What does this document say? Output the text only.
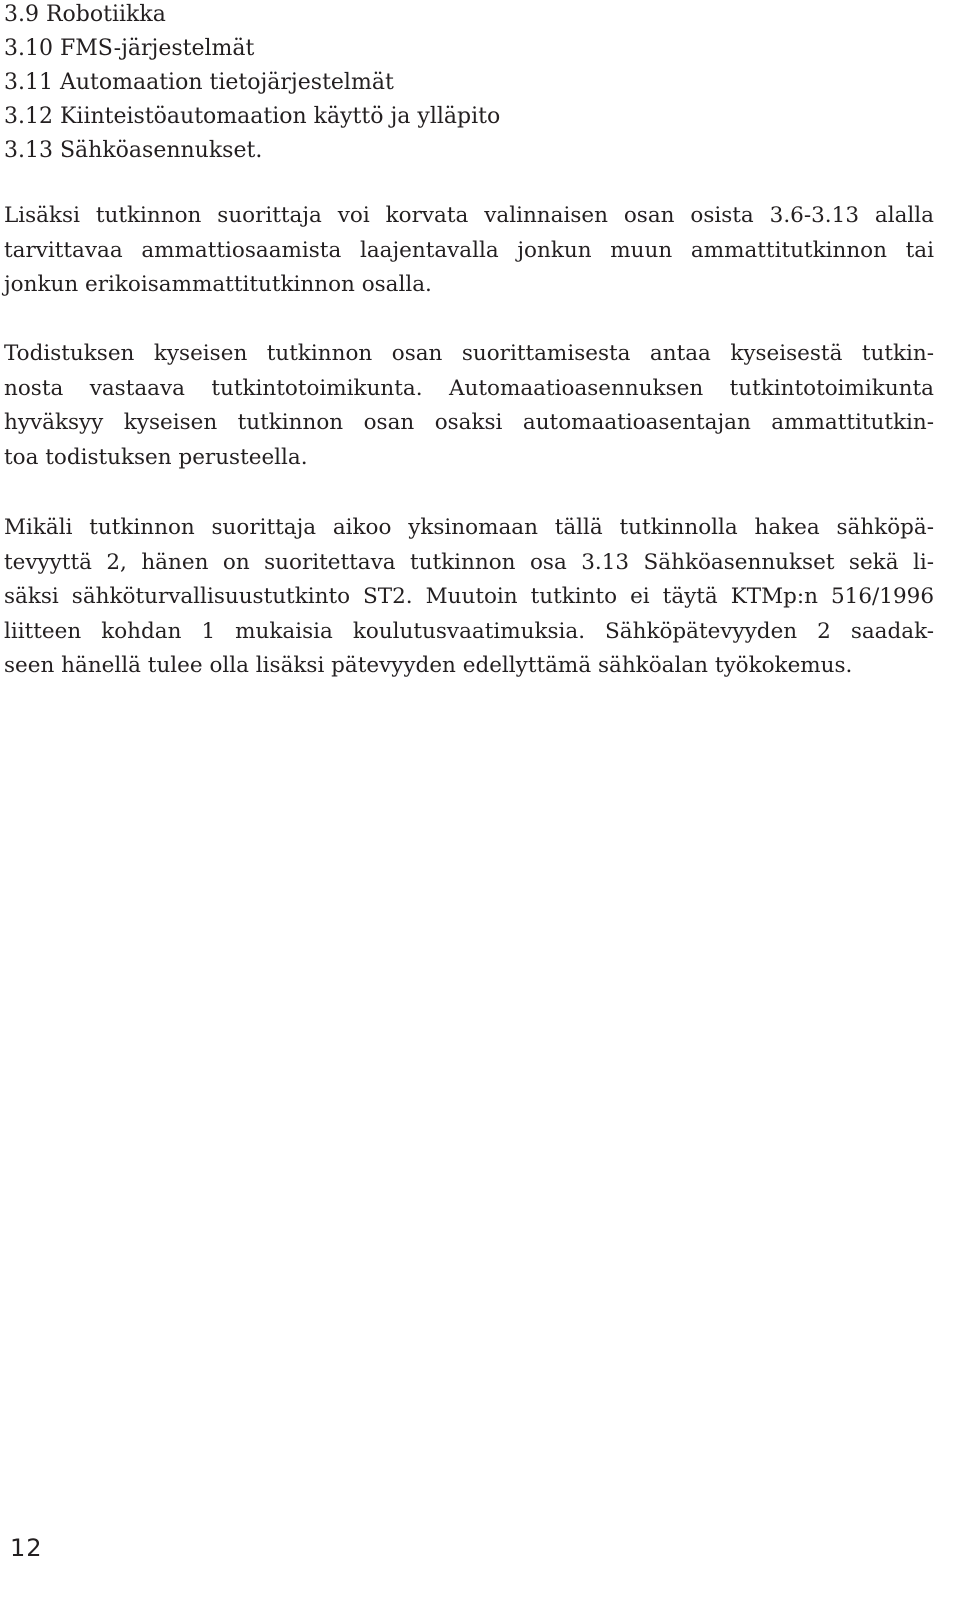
3.9 Robotiikka
3.10 FMS-järjestelmät
3.11 Automaation tietojärjestelmät
3.12 Kiinteistöautomaation käyttö ja ylläpito
3.13 Sähköasennukset.

Lisäksi tutkinnon suorittaja voi korvata valinnaisen osan osista 3.6-3.13 alalla
tarvittavaa ammattiosaamista laajentavalla jonkun muun ammattitutkinnon tai
jonkun erikoisammattitutkinnon osalla.

Todistuksen kyseisen tutkinnon osan suorittamisesta antaa kyseisestä tutkin-
nosta vastaava tutkintotoimikunta. Automaatioasennuksen tutkintotoimikunta
hyväksyy kyseisen tutkinnon osan osaksi automaatioasentajan ammattitutkin-
toa todistuksen perusteella.

Mikäli tutkinnon suorittaja aikoo yksinomaan tällä tutkinnolla hakea sähköpä-
tevyyttä 2, hänen on suoritettava tutkinnon osa 3.13 Sähköasennukset sekä li-
säksi sähköturvallisuustutkinto ST2. Muutoin tutkinto ei täytä KTMp:n 516/1996
liitteen kohdan 1 mukaisia koulutusvaatimuksia. Sähköpätevyyden 2 saadak-
seen hänellä tulee olla lisäksi pätevyyden edellyttämä sähköalan työkokemus.

12
